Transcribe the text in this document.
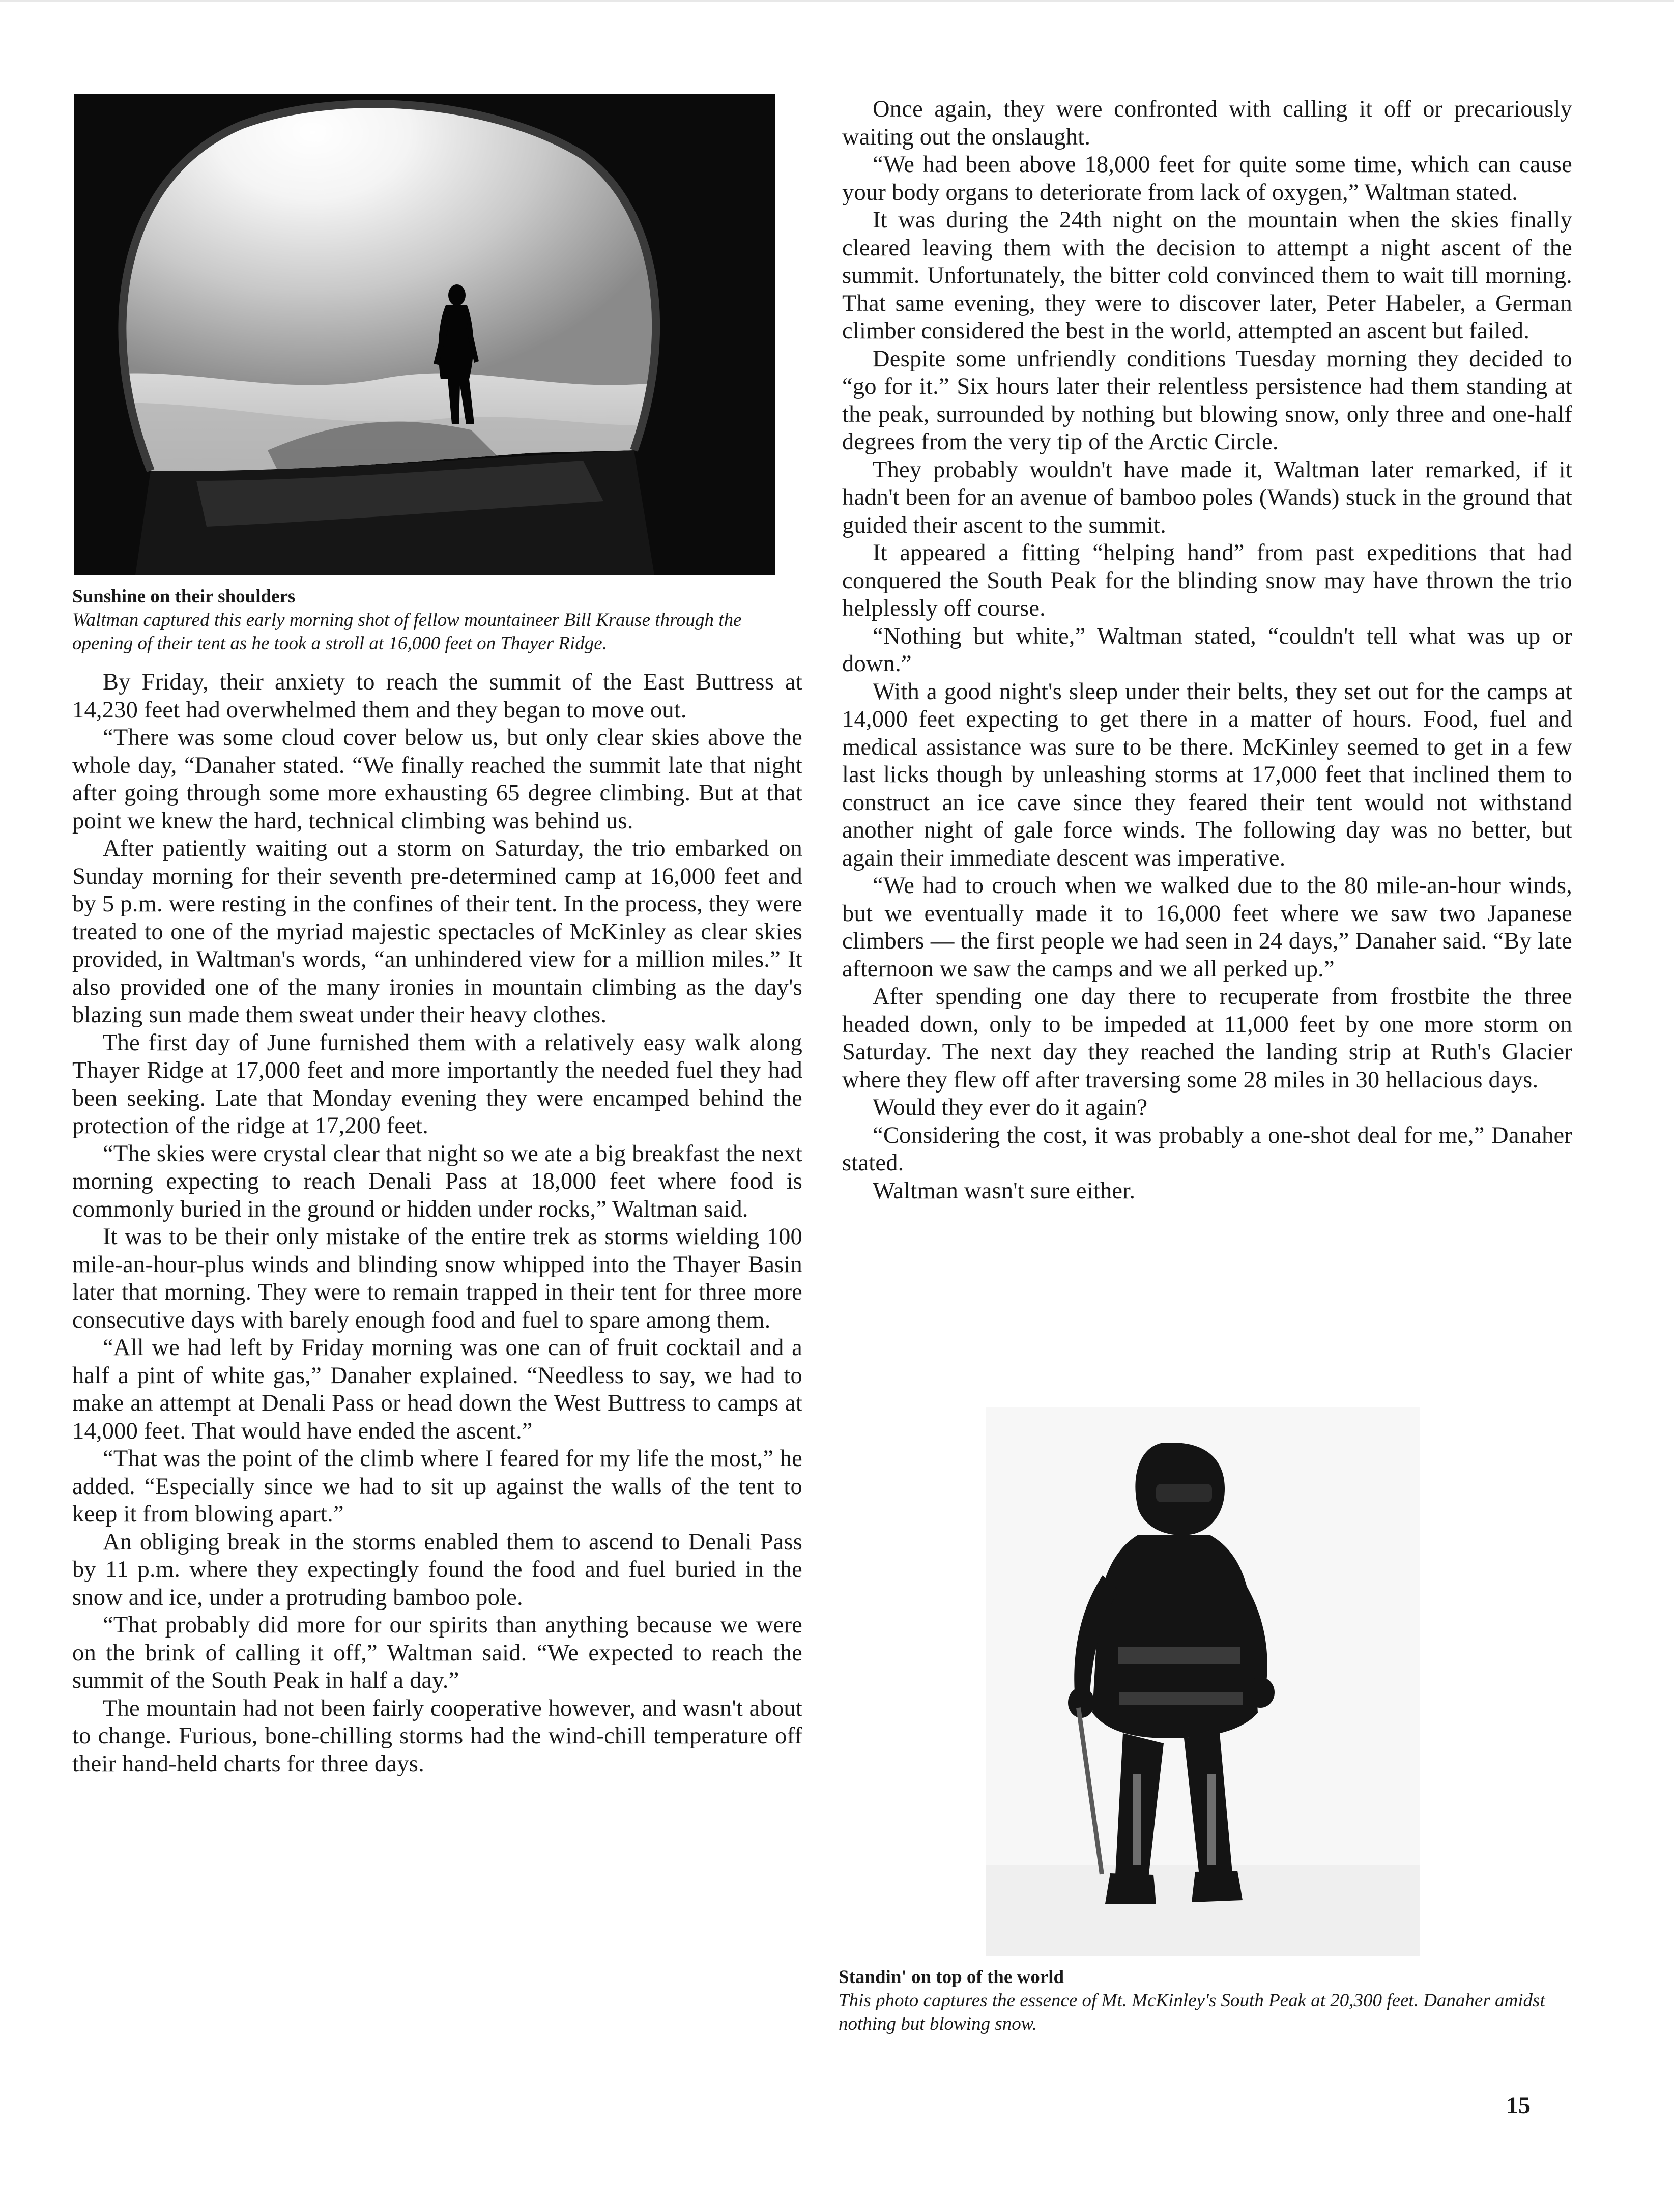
Sunshine on their shoulders
Waltman captured this early morning shot of fellow mountaineer Bill Krause through the opening of their tent as he took a stroll at 16,000 feet on Thayer Ridge.

By Friday, their anxiety to reach the summit of the East Buttress at 14,230 feet had overwhelmed them and they began to move out.

“There was some cloud cover below us, but only clear skies above the whole day, “Danaher stated. “We finally reached the summit late that night after going through some more exhausting 65 degree climbing. But at that point we knew the hard, technical climbing was behind us.

After patiently waiting out a storm on Saturday, the trio embarked on Sunday morning for their seventh pre-determined camp at 16,000 feet and by 5 p.m. were resting in the confines of their tent. In the process, they were treated to one of the myriad majestic spectacles of McKinley as clear skies provided, in Waltman's words, “an unhindered view for a million miles.” It also provided one of the many ironies in mountain climbing as the day's blazing sun made them sweat under their heavy clothes.

The first day of June furnished them with a relatively easy walk along Thayer Ridge at 17,000 feet and more importantly the needed fuel they had been seeking. Late that Monday evening they were encamped behind the protection of the ridge at 17,200 feet.

“The skies were crystal clear that night so we ate a big breakfast the next morning expecting to reach Denali Pass at 18,000 feet where food is commonly buried in the ground or hidden under rocks,” Waltman said.

It was to be their only mistake of the entire trek as storms wielding 100 mile-an-hour-plus winds and blinding snow whipped into the Thayer Basin later that morning. They were to remain trapped in their tent for three more consecutive days with barely enough food and fuel to spare among them.

“All we had left by Friday morning was one can of fruit cocktail and a half a pint of white gas,” Danaher explained. “Needless to say, we had to make an attempt at Denali Pass or head down the West Buttress to camps at 14,000 feet. That would have ended the ascent.”

“That was the point of the climb where I feared for my life the most,” he added. “Especially since we had to sit up against the walls of the tent to keep it from blowing apart.”

An obliging break in the storms enabled them to ascend to Denali Pass by 11 p.m. where they expectingly found the food and fuel buried in the snow and ice, under a protruding bamboo pole.

“That probably did more for our spirits than anything because we were on the brink of calling it off,” Waltman said. “We expected to reach the summit of the South Peak in half a day.”

The mountain had not been fairly cooperative however, and wasn't about to change. Furious, bone-chilling storms had the wind-chill temperature off their hand-held charts for three days.

Once again, they were confronted with calling it off or precariously waiting out the onslaught.

“We had been above 18,000 feet for quite some time, which can cause your body organs to deteriorate from lack of oxygen,” Waltman stated.

It was during the 24th night on the mountain when the skies finally cleared leaving them with the decision to attempt a night ascent of the summit. Unfortunately, the bitter cold convinced them to wait till morning. That same evening, they were to discover later, Peter Habeler, a German climber considered the best in the world, attempted an ascent but failed.

Despite some unfriendly conditions Tuesday morning they decided to “go for it.” Six hours later their relentless persistence had them standing at the peak, surrounded by nothing but blowing snow, only three and one-half degrees from the very tip of the Arctic Circle.

They probably wouldn't have made it, Waltman later remarked, if it hadn't been for an avenue of bamboo poles (Wands) stuck in the ground that guided their ascent to the summit.

It appeared a fitting “helping hand” from past expeditions that had conquered the South Peak for the blinding snow may have thrown the trio helplessly off course.

“Nothing but white,” Waltman stated, “couldn't tell what was up or down.”

With a good night's sleep under their belts, they set out for the camps at 14,000 feet expecting to get there in a matter of hours. Food, fuel and medical assistance was sure to be there. McKinley seemed to get in a few last licks though by unleashing storms at 17,000 feet that inclined them to construct an ice cave since they feared their tent would not withstand another night of gale force winds. The following day was no better, but again their immediate descent was imperative.

“We had to crouch when we walked due to the 80 mile-an-hour winds, but we eventually made it to 16,000 feet where we saw two Japanese climbers — the first people we had seen in 24 days,” Danaher said. “By late afternoon we saw the camps and we all perked up.”

After spending one day there to recuperate from frostbite the three headed down, only to be impeded at 11,000 feet by one more storm on Saturday. The next day they reached the landing strip at Ruth's Glacier where they flew off after traversing some 28 miles in 30 hellacious days.

Would they ever do it again?

“Considering the cost, it was probably a one-shot deal for me,” Danaher stated.

Waltman wasn't sure either.

Standin' on top of the world
This photo captures the essence of Mt. McKinley's South Peak at 20,300 feet. Danaher amidst nothing but blowing snow.
15
